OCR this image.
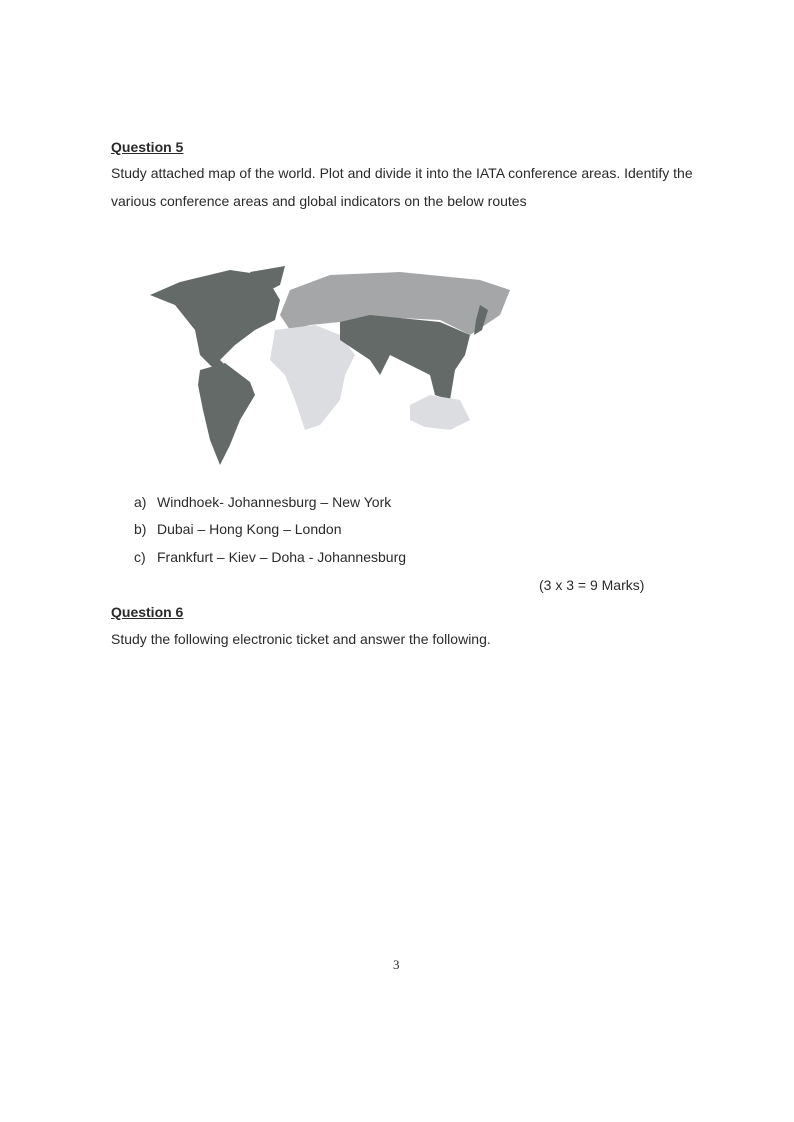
Question 5
Study attached map of the world. Plot and divide it into the IATA conference areas. Identify the
various conference areas and global indicators on the below routes
a) Windhoek- Johannesburg – New York
b) Dubai – Hong Kong – London
c) Frankfurt – Kiev – Doha - Johannesburg
(3 x 3 = 9 Marks)
Question 6
Study the following electronic ticket and answer the following.
3
